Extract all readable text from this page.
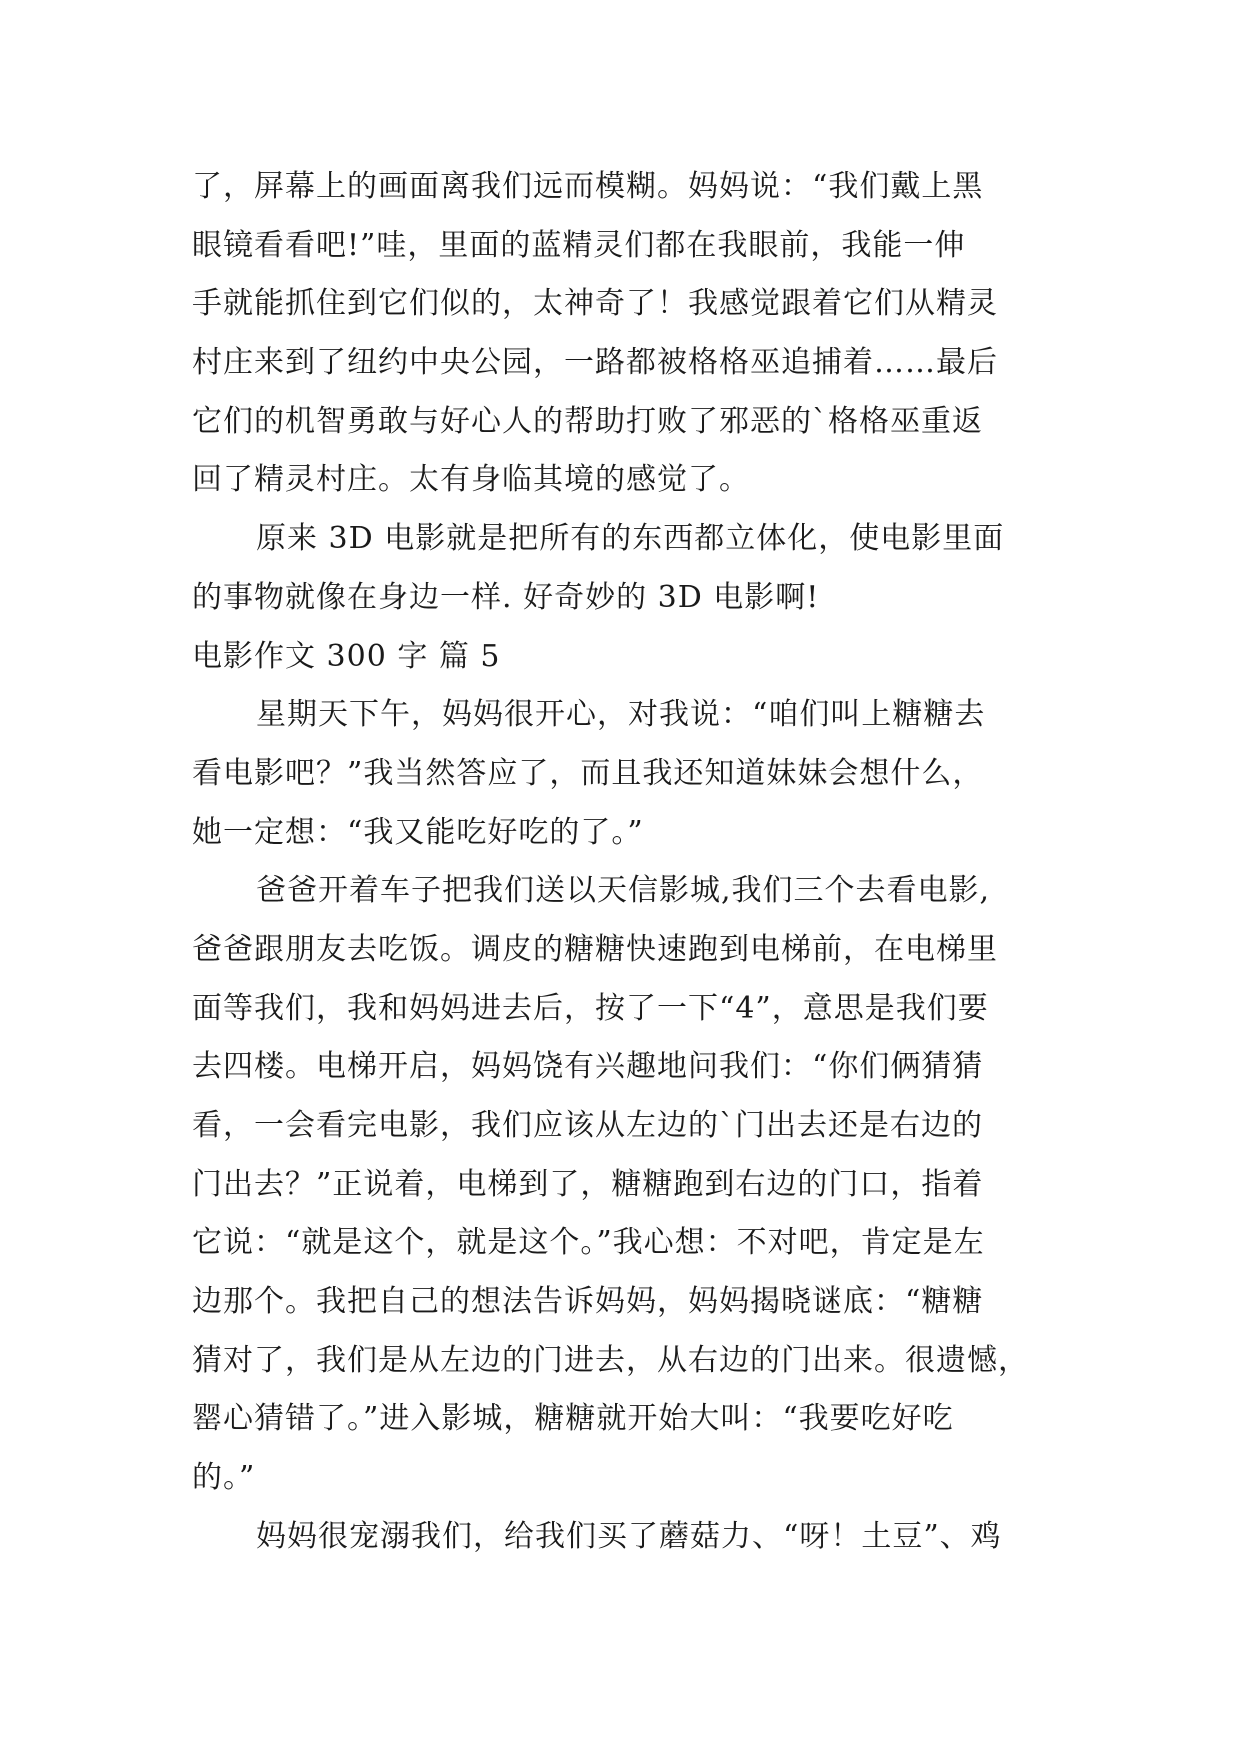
了，屏幕上的画面离我们远而模糊。妈妈说：“我们戴上黑
眼镜看看吧!”哇，里面的蓝精灵们都在我眼前，我能一伸
手就能抓住到它们似的，太神奇了！我感觉跟着它们从精灵
村庄来到了纽约中央公园，一路都被格格巫追捕着……最后
它们的机智勇敢与好心人的帮助打败了邪恶的`格格巫重返
回了精灵村庄。太有身临其境的感觉了。
原来 3D 电影就是把所有的东西都立体化，使电影里面
的事物就像在身边一样. 好奇妙的 3D 电影啊!
电影作文 300 字 篇 5
星期天下午，妈妈很开心，对我说：“咱们叫上糖糖去
看电影吧？”我当然答应了，而且我还知道妹妹会想什么，
她一定想：“我又能吃好吃的了。”
爸爸开着车子把我们送以天信影城,我们三个去看电影,
爸爸跟朋友去吃饭。调皮的糖糖快速跑到电梯前，在电梯里
面等我们，我和妈妈进去后，按了一下“4”，意思是我们要
去四楼。电梯开启，妈妈饶有兴趣地问我们：“你们俩猜猜
看，一会看完电影，我们应该从左边的`门出去还是右边的
门出去？”正说着，电梯到了，糖糖跑到右边的门口，指着
它说：“就是这个，就是这个。”我心想：不对吧，肯定是左
边那个。我把自己的想法告诉妈妈，妈妈揭晓谜底：“糖糖
猜对了，我们是从左边的门进去，从右边的门出来。很遗憾，
罂心猜错了。”进入影城，糖糖就开始大叫：“我要吃好吃
的。”
妈妈很宠溺我们，给我们买了蘑菇力、“呀！土豆”、鸡
